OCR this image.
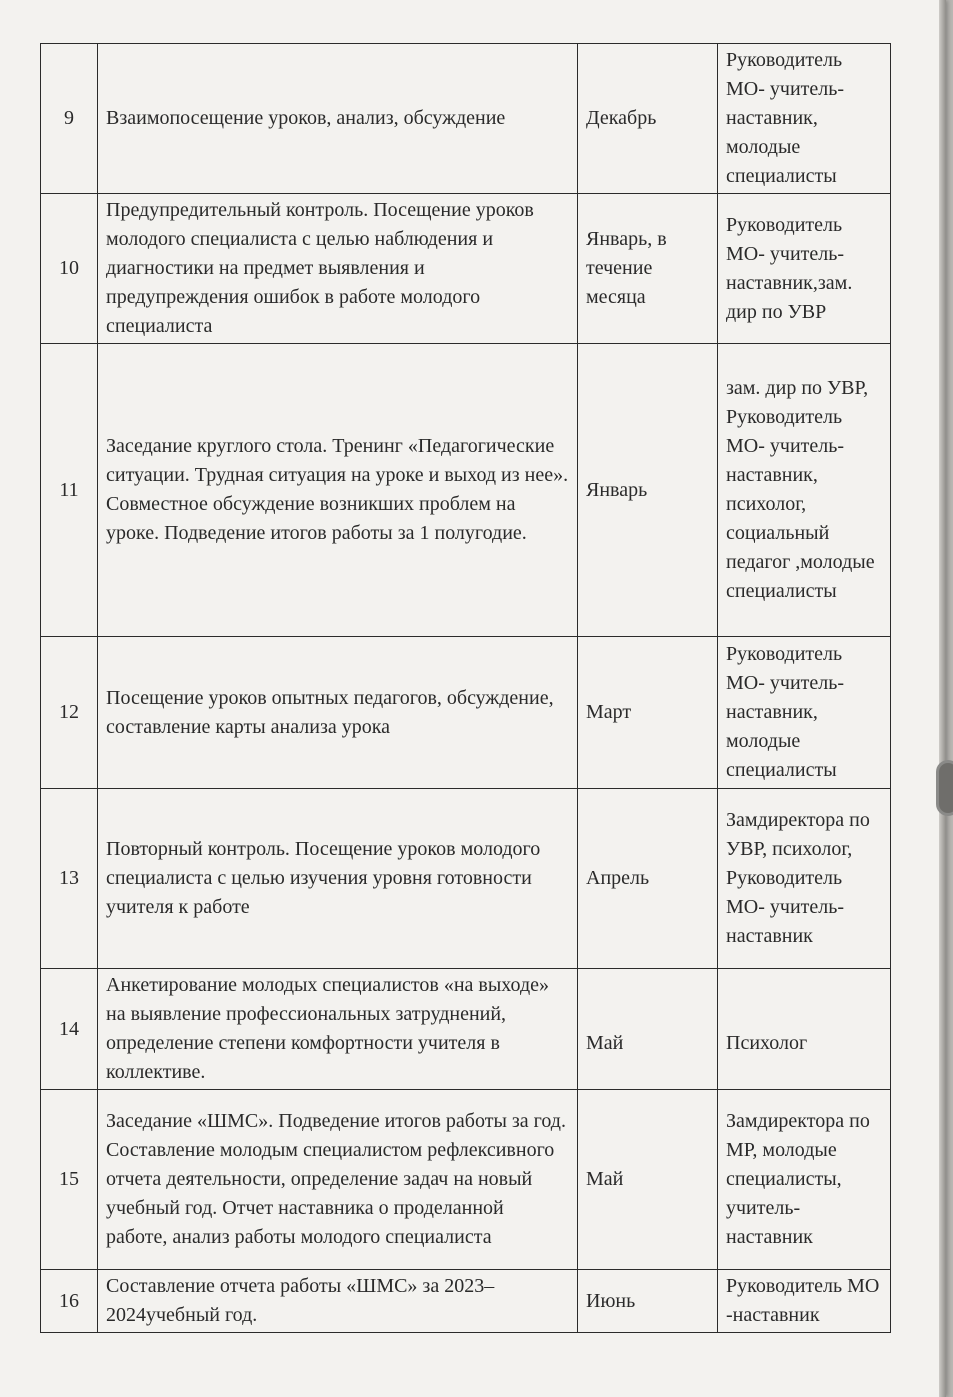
9	Взаимопосещение уроков, анализ, обсуждение	Декабрь	Руководитель МО- учитель-наставник, молодые специалисты
10	Предупредительный контроль. Посещение уроков молодого специалиста с целью наблюдения и диагностики на предмет выявления и предупреждения ошибок в работе молодого специалиста	Январь, в течение месяца	Руководитель МО- учитель-наставник,зам. дир по УВР
11	Заседание круглого стола. Тренинг «Педагогические ситуации. Трудная ситуация на уроке и выход из нее». Совместное обсуждение возникших проблем на уроке. Подведение итогов работы за 1 полугодие.	Январь	зам. дир по УВР, Руководитель МО- учитель-наставник, психолог, социальный педагог ,молодые специалисты
12	Посещение уроков опытных педагогов, обсуждение, составление карты анализа урока	Март	Руководитель МО- учитель-наставник, молодые специалисты
13	Повторный контроль. Посещение уроков молодого специалиста с целью изучения уровня готовности учителя к работе	Апрель	Замдиректора по УВР, психолог, Руководитель МО- учитель-наставник
14	Анкетирование молодых специалистов «на выходе» на выявление профессиональных затруднений, определение степени комфортности учителя в коллективе.	Май	Психолог
15	Заседание «ШМС». Подведение итогов работы за год. Составление молодым специалистом рефлексивного отчета деятельности, определение задач на новый учебный год. Отчет наставника о проделанной работе, анализ работы молодого специалиста	Май	Замдиректора по МР, молодые специалисты, учитель-наставник
16	Составление отчета работы «ШМС» за 2023–2024учебный год.	Июнь	Руководитель МО -наставник
